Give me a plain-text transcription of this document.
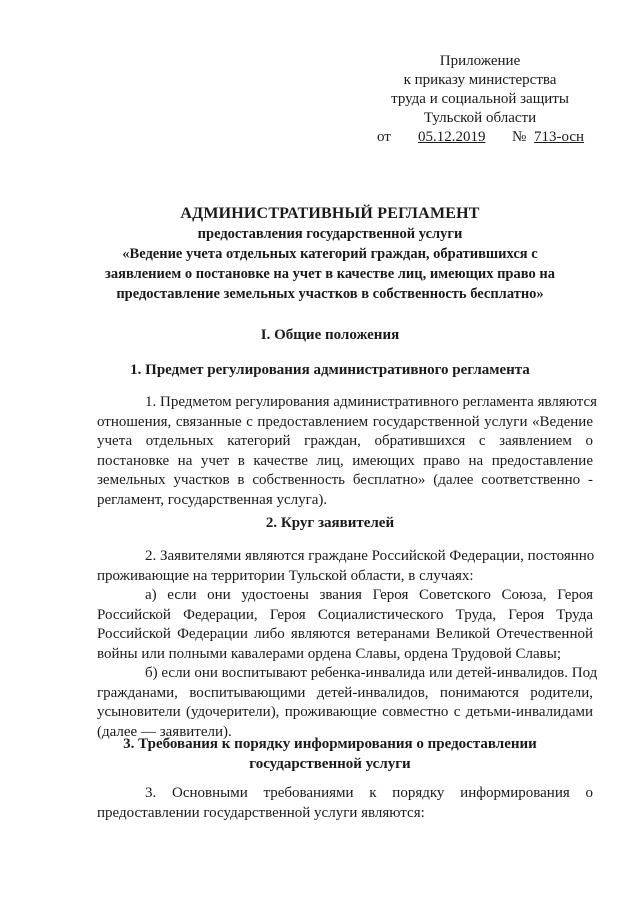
Приложение
к приказу министерства
труда и социальной защиты
Тульской области
от 05.12.2019 № 713-осн
АДМИНИСТРАТИВНЫЙ РЕГЛАМЕНТ
предоставления государственной услуги
«Ведение учета отдельных категорий граждан, обратившихся с
заявлением о постановке на учет в качестве лиц, имеющих право на
предоставление земельных участков в собственность бесплатно»
I. Общие положения
1. Предмет регулирования административного регламента
1. Предметом регулирования административного регламента являются
отношения, связанные с предоставлением государственной услуги «Ведение
учета отдельных категорий граждан, обратившихся с заявлением о
постановке на учет в качестве лиц, имеющих право на предоставление
земельных участков в собственность бесплатно» (далее соответственно -
регламент, государственная услуга).
2. Круг заявителей
2. Заявителями являются граждане Российской Федерации, постоянно
проживающие на территории Тульской области, в случаях:
а) если они удостоены звания Героя Советского Союза, Героя
Российской Федерации, Героя Социалистического Труда, Героя Труда
Российской Федерации либо являются ветеранами Великой Отечественной
войны или полными кавалерами ордена Славы, ордена Трудовой Славы;
б) если они воспитывают ребенка-инвалида или детей-инвалидов. Под
гражданами, воспитывающими детей-инвалидов, понимаются родители,
усыновители (удочерители), проживающие совместно с детьми-инвалидами
(далее — заявители).
3. Требования к порядку информирования о предоставлении
государственной услуги
3. Основными требованиями к порядку информирования о
предоставлении государственной услуги являются:
